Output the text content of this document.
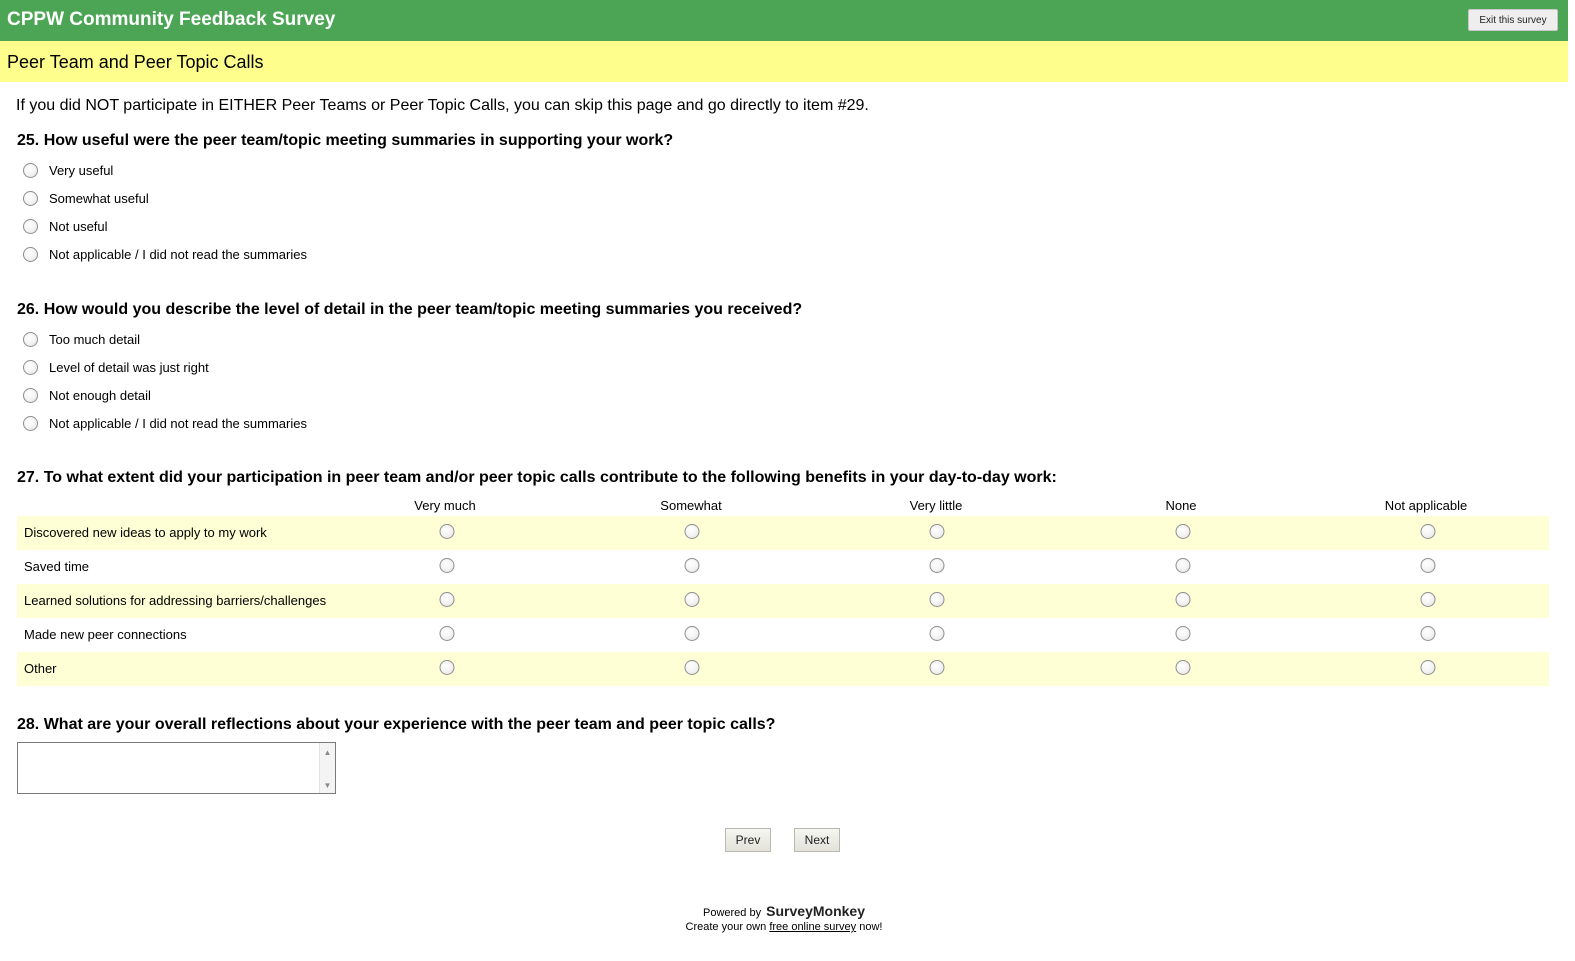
CPPW Community Feedback Survey	Exit this survey
Peer Team and Peer Topic Calls
If you did NOT participate in EITHER Peer Teams or Peer Topic Calls, you can skip this page and go directly to item #29.
25. How useful were the peer team/topic meeting summaries in supporting your work?
Very useful
Somewhat useful
Not useful
Not applicable / I did not read the summaries
26. How would you describe the level of detail in the peer team/topic meeting summaries you received?
Too much detail
Level of detail was just right
Not enough detail
Not applicable / I did not read the summaries
27. To what extent did your participation in peer team and/or peer topic calls contribute to the following benefits in your day-to-day work:
Very much	Somewhat	Very little	None	Not applicable
Discovered new ideas to apply to my work
Saved time
Learned solutions for addressing barriers/challenges
Made new peer connections
Other
28. What are your overall reflections about your experience with the peer team and peer topic calls?
▲
▼
Prev	Next
Powered by SurveyMonkey
Create your own free online survey now!
